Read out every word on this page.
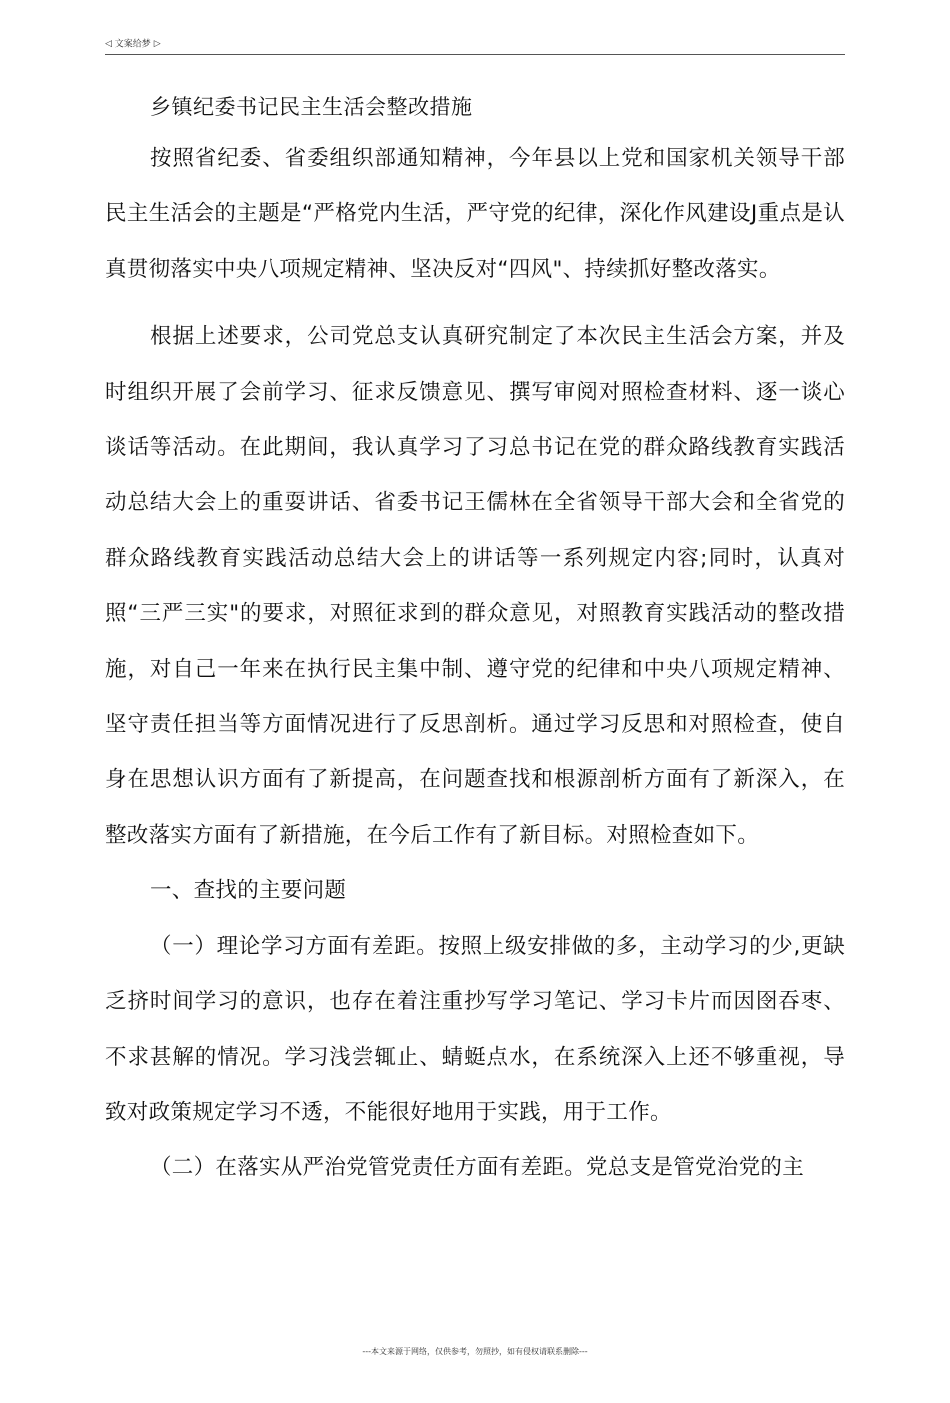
◁ 文案给梦 ▷
乡镇纪委书记民主生活会整改措施

按照省纪委、省委组织部通知精神，今年县以上党和国家机关领导干部民主生活会的主题是“严格党内生活，严守党的纪律，深化作风建设J重点是认真贯彻落实中央八项规定精神、坚决反对“四风"、持续抓好整改落实。

根据上述要求，公司党总支认真研究制定了本次民主生活会方案，并及时组织开展了会前学习、征求反馈意见、撰写审阅对照检查材料、逐一谈心谈话等活动。在此期间，我认真学习了习总书记在党的群众路线教育实践活动总结大会上的重耍讲话、省委书记王儒林在全省领导干部大会和全省党的群众路线教育实践活动总结大会上的讲话等一系列规定内容;同时，认真对照“三严三实"的要求，对照征求到的群众意见，对照教育实践活动的整改措施，对自己一年来在执行民主集中制、遵守党的纪律和中央八项规定精神、坚守责任担当等方面情况进行了反思剖析。通过学习反思和对照检查，使自身在思想认识方面有了新提高，在问题查找和根源剖析方面有了新深入，在整改落实方面有了新措施，在今后工作有了新目标。对照检查如下。

一、查找的主要问题

（一）理论学习方面有差距。按照上级安排做的多，主动学习的少,更缺乏挤时间学习的意识，也存在着注重抄写学习笔记、学习卡片而因囹吞枣、不求甚解的情况。学习浅尝辄止、蜻蜓点水，在系统深入上还不够重视，导致对政策规定学习不透，不能很好地用于实践，用于工作。

（二）在落实从严治党管党责任方面有差距。党总支是管党治党的主

---本文来源于网络，仅供参考，勿照抄，如有侵权请联系删除---
